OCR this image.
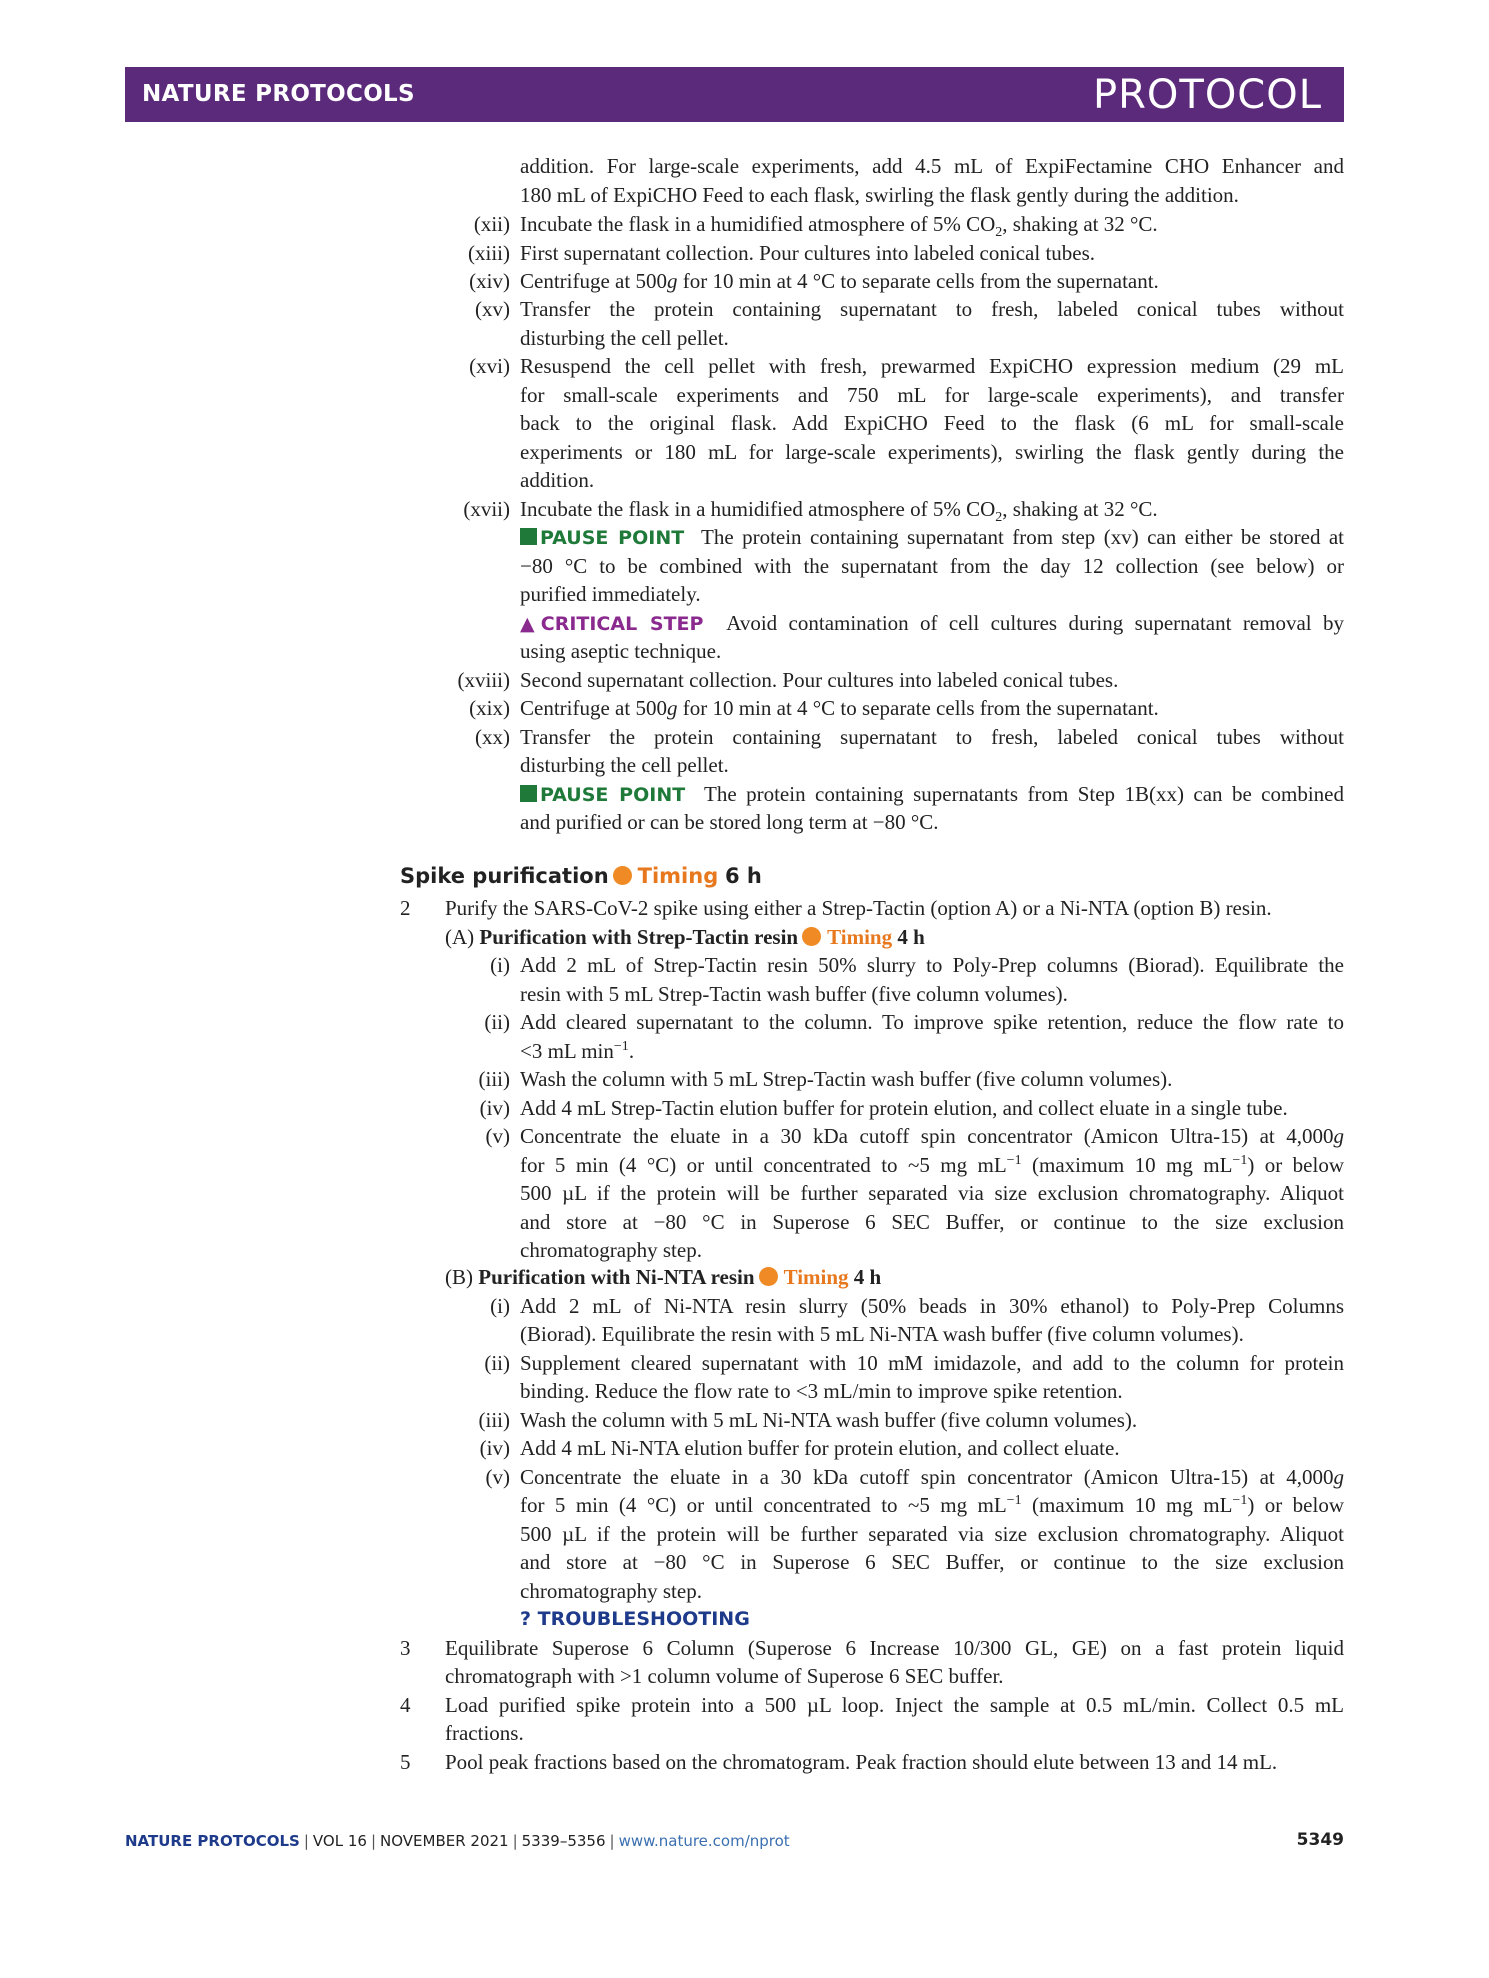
NATURE PROTOCOLS	PROTOCOL
addition. For large-scale experiments, add 4.5 mL of ExpiFectamine CHO Enhancer and
180 mL of ExpiCHO Feed to each flask, swirling the flask gently during the addition.
(xii) Incubate the flask in a humidified atmosphere of 5% $CO_2$, shaking at 32 °C.
(xiii) First supernatant collection. Pour cultures into labeled conical tubes.
(xiv) Centrifuge at 500g for 10 min at 4 °C to separate cells from the supernatant.
(xv) Transfer the protein containing supernatant to fresh, labeled conical tubes without
disturbing the cell pellet.
(xvi) Resuspend the cell pellet with fresh, prewarmed ExpiCHO expression medium (29 mL
for small-scale experiments and 750 mL for large-scale experiments), and transfer
back to the original flask. Add ExpiCHO Feed to the flask (6 mL for small-scale
experiments or 180 mL for large-scale experiments), swirling the flask gently during the
addition.
(xvii) Incubate the flask in a humidified atmosphere of 5% $CO_2$, shaking at 32 °C.
PAUSE POINT The protein containing supernatant from step (xv) can either be stored at
−80 °C to be combined with the supernatant from the day 12 collection (see below) or
purified immediately.
▲CRITICAL STEP Avoid contamination of cell cultures during supernatant removal by
using aseptic technique.
(xviii) Second supernatant collection. Pour cultures into labeled conical tubes.
(xix) Centrifuge at 500g for 10 min at 4 °C to separate cells from the supernatant.
(xx) Transfer the protein containing supernatant to fresh, labeled conical tubes without
disturbing the cell pellet.
PAUSE POINT The protein containing supernatants from Step 1B(xx) can be combined
and purified or can be stored long term at −80 °C.
Spike purification Timing 6 h
2 Purify the SARS-CoV-2 spike using either a Strep-Tactin (option A) or a Ni-NTA (option B) resin.
(A) Purification with Strep-Tactin resin Timing 4 h
(i) Add 2 mL of Strep-Tactin resin 50% slurry to Poly-Prep columns (Biorad). Equilibrate the
resin with 5 mL Strep-Tactin wash buffer (five column volumes).
(ii) Add cleared supernatant to the column. To improve spike retention, reduce the flow rate to
<3 mL $\min^{-1}$.
(iii) Wash the column with 5 mL Strep-Tactin wash buffer (five column volumes).
(iv) Add 4 mL Strep-Tactin elution buffer for protein elution, and collect eluate in a single tube.
(v) Concentrate the eluate in a 30 kDa cutoff spin concentrator (Amicon Ultra-15) at 4,000g
for 5 min (4 °C) or until concentrated to ~5 mg $mL^{-1}$ (maximum 10 mg $mL^{-1}$) or below
500 µL if the protein will be further separated via size exclusion chromatography. Aliquot
and store at −80 °C in Superose 6 SEC Buffer, or continue to the size exclusion
chromatography step.
(B) Purification with Ni-NTA resin Timing 4 h
(i) Add 2 mL of Ni-NTA resin slurry (50% beads in 30% ethanol) to Poly-Prep Columns
(Biorad). Equilibrate the resin with 5 mL Ni-NTA wash buffer (five column volumes).
(ii) Supplement cleared supernatant with 10 mM imidazole, and add to the column for protein
binding. Reduce the flow rate to <3 mL/min to improve spike retention.
(iii) Wash the column with 5 mL Ni-NTA wash buffer (five column volumes).
(iv) Add 4 mL Ni-NTA elution buffer for protein elution, and collect eluate.
(v) Concentrate the eluate in a 30 kDa cutoff spin concentrator (Amicon Ultra-15) at 4,000g
for 5 min (4 °C) or until concentrated to ~5 mg $mL^{-1}$ (maximum 10 mg $mL^{-1}$) or below
500 µL if the protein will be further separated via size exclusion chromatography. Aliquot
and store at −80 °C in Superose 6 SEC Buffer, or continue to the size exclusion
chromatography step.
? TROUBLESHOOTING
3 Equilibrate Superose 6 Column (Superose 6 Increase 10/300 GL, GE) on a fast protein liquid
chromatograph with >1 column volume of Superose 6 SEC buffer.
4 Load purified spike protein into a 500 µL loop. Inject the sample at 0.5 mL/min. Collect 0.5 mL
fractions.
5 Pool peak fractions based on the chromatogram. Peak fraction should elute between 13 and 14 mL.
NATURE PROTOCOLS | VOL 16 | NOVEMBER 2021 | 5339–5356 | www.nature.com/nprot	5349
